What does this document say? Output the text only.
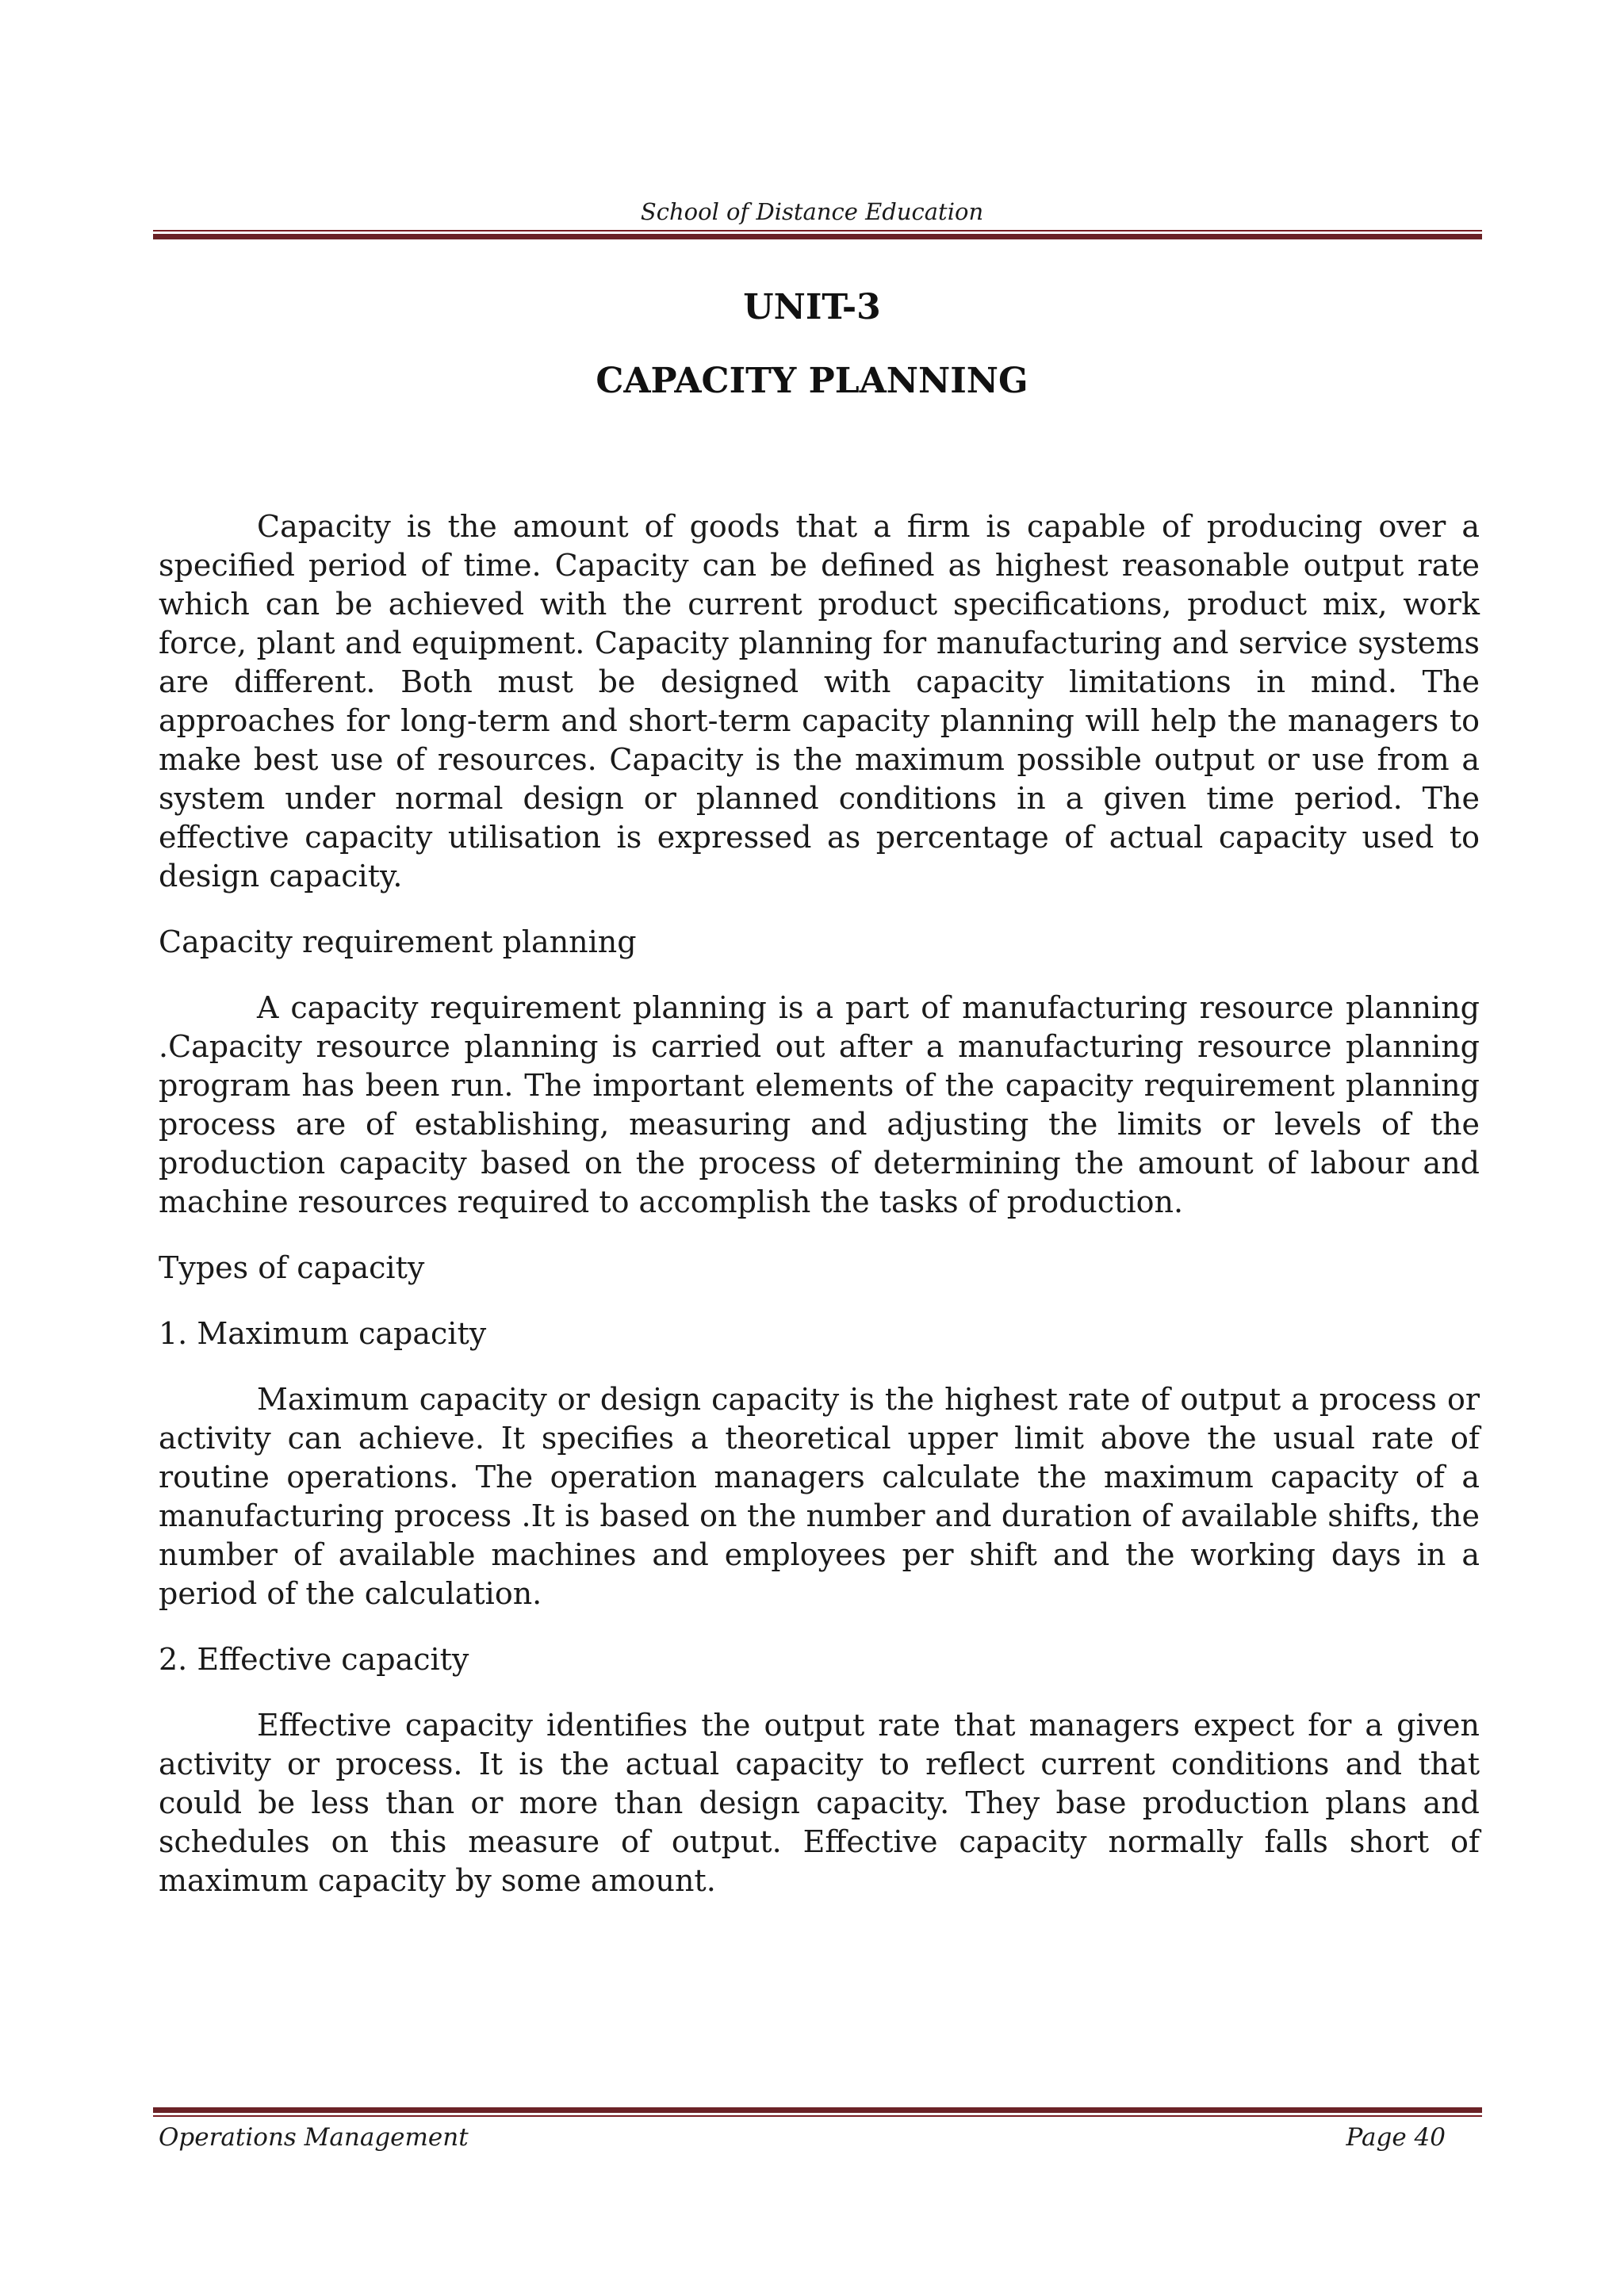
School of Distance Education
UNIT-3
CAPACITY PLANNING

Capacity is the amount of goods that a firm is capable of producing over a specified period of time. Capacity can be defined as highest reasonable output rate which can be achieved with the current product specifications, product mix, work force, plant and equipment. Capacity planning for manufacturing and service systems are different. Both must be designed with capacity limitations in mind. The approaches for long-term and short-term capacity planning will help the managers to make best use of resources. Capacity is the maximum possible output or use from a system under normal design or planned conditions in a given time period. The effective capacity utilisation is expressed as percentage of actual capacity used to design capacity.

Capacity requirement planning

A capacity requirement planning is a part of manufacturing resource planning .Capacity resource planning is carried out after a manufacturing resource planning program has been run. The important elements of the capacity requirement planning process are of establishing, measuring and adjusting the limits or levels of the production capacity based on the process of determining the amount of labour and machine resources required to accomplish the tasks of production.

Types of capacity

1. Maximum capacity

Maximum capacity or design capacity is the highest rate of output a process or activity can achieve. It specifies a theoretical upper limit above the usual rate of routine operations. The operation managers calculate the maximum capacity of a manufacturing process .It is based on the number and duration of available shifts, the number of available machines and employees per shift and the working days in a period of the calculation.

2. Effective capacity

Effective capacity identifies the output rate that managers expect for a given activity or process. It is the actual capacity to reflect current conditions and that could be less than or more than design capacity. They base production plans and schedules on this measure of output. Effective capacity normally falls short of maximum capacity by some amount.

Operations Management	Page 40
